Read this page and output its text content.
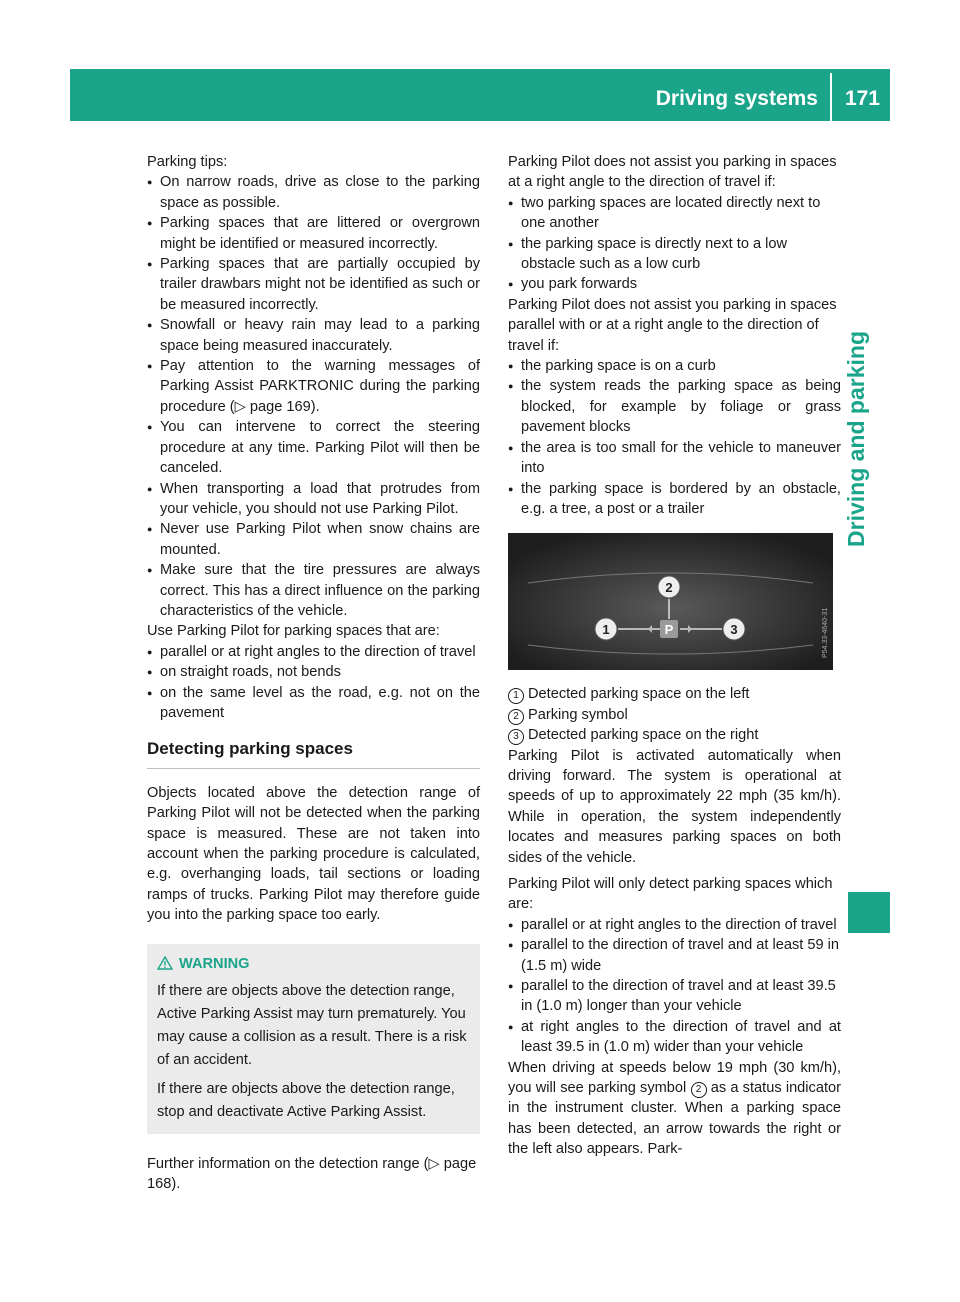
Driving systems 171
Driving and parking

Parking tips:

● On narrow roads, drive as close to the parking space as possible.
● Parking spaces that are littered or overgrown might be identified or measured incorrectly.
● Parking spaces that are partially occupied by trailer drawbars might not be identified as such or be measured incorrectly.
● Snowfall or heavy rain may lead to a parking space being measured inaccurately.
● Pay attention to the warning messages of Parking Assist PARKTRONIC during the parking procedure (▷ page 169).
● You can intervene to correct the steering procedure at any time. Parking Pilot will then be canceled.
● When transporting a load that protrudes from your vehicle, you should not use Parking Pilot.
● Never use Parking Pilot when snow chains are mounted.
● Make sure that the tire pressures are always correct. This has a direct influence on the parking characteristics of the vehicle.

Use Parking Pilot for parking spaces that are:

● parallel or at right angles to the direction of travel
● on straight roads, not bends
● on the same level as the road, e.g. not on the pavement
Detecting parking spaces

Objects located above the detection range of Parking Pilot will not be detected when the parking space is measured. These are not taken into account when the parking procedure is calculated, e.g. overhanging loads, tail sections or loading ramps of trucks. Parking Pilot may therefore guide you into the parking space too early.

WARNING

If there are objects above the detection range, Active Parking Assist may turn prematurely. You may cause a collision as a result. There is a risk of an accident.

If there are objects above the detection range, stop and deactivate Active Parking Assist.

Further information on the detection range (▷ page 168).

Parking Pilot does not assist you parking in spaces at a right angle to the direction of travel if:

● two parking spaces are located directly next to one another
● the parking space is directly next to a low obstacle such as a low curb
● you park forwards

Parking Pilot does not assist you parking in spaces parallel with or at a right angle to the direction of travel if:

● the parking space is on a curb
● the system reads the parking space as being blocked, for example by foliage or grass pavement blocks
● the area is too small for the vehicle to maneuver into
● the parking space is bordered by an obstacle, e.g. a tree, a post or a trailer
P
1
2
3	P54.33-4640-31
1 Detected parking space on the left
2 Parking symbol
3 Detected parking space on the right

Parking Pilot is activated automatically when driving forward. The system is operational at speeds of up to approximately 22 mph (35 km/h). While in operation, the system independently locates and measures parking spaces on both sides of the vehicle.

Parking Pilot will only detect parking spaces which are:

● parallel or at right angles to the direction of travel
● parallel to the direction of travel and at least 59 in (1.5 m) wide
● parallel to the direction of travel and at least 39.5 in (1.0 m) longer than your vehicle
● at right angles to the direction of travel and at least 39.5 in (1.0 m) wider than your vehicle

When driving at speeds below 19 mph (30 km/h), you will see parking symbol 2 as a status indicator in the instrument cluster. When a parking space has been detected, an arrow towards the right or the left also appears. Park-
